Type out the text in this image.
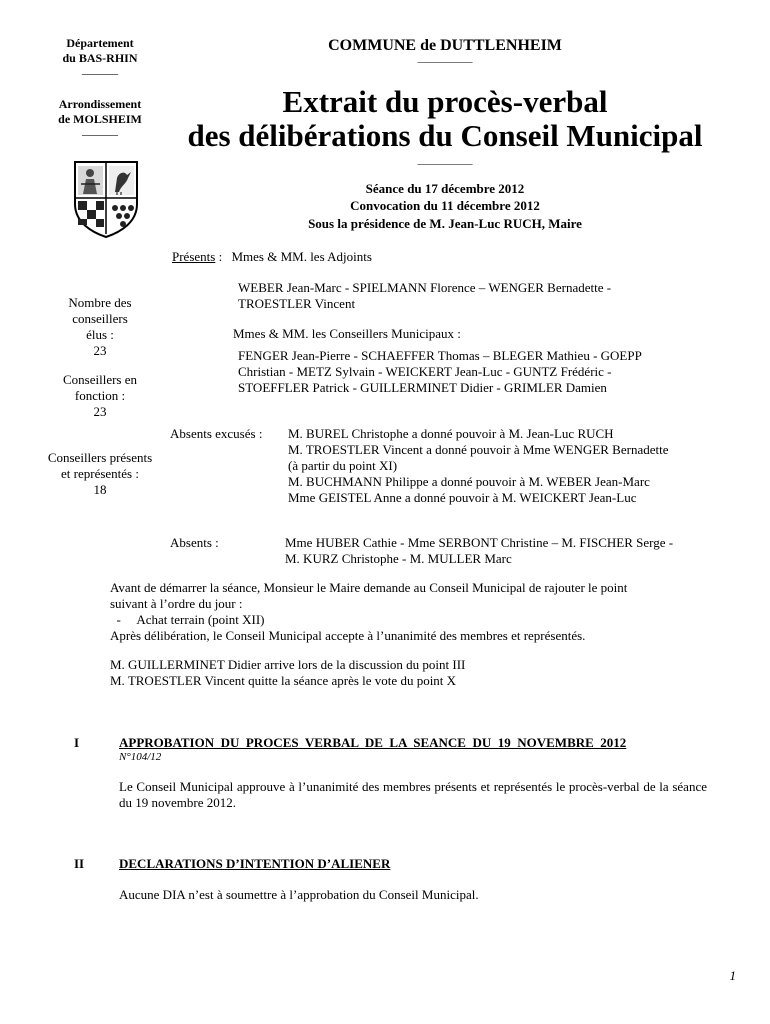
Département
du BAS-RHIN
———
Arrondissement
de MOLSHEIM
———
COMMUNE de DUTTLENHEIM
—————
Extrait du procès-verbal
des délibérations du Conseil Municipal
—————
Séance du 17 décembre 2012
Convocation du 11 décembre 2012
Sous la présidence de M. Jean-Luc RUCH, Maire
Nombre des
conseillers
élus :
23
Conseillers en
fonction :
23
Conseillers présents
et représentés :
18
Présents : Mmes & MM. les Adjoints
WEBER Jean-Marc - SPIELMANN Florence – WENGER Bernadette -
TROESTLER Vincent
Mmes & MM. les Conseillers Municipaux :
FENGER Jean-Pierre - SCHAEFFER Thomas – BLEGER Mathieu - GOEPP
Christian - METZ Sylvain - WEICKERT Jean-Luc - GUNTZ Frédéric -
STOEFFLER Patrick - GUILLERMINET Didier - GRIMLER Damien
Absents excusés :	M. BUREL Christophe a donné pouvoir à M. Jean-Luc RUCH
M. TROESTLER Vincent a donné pouvoir à Mme WENGER Bernadette
(à partir du point XI)
M. BUCHMANN Philippe a donné pouvoir à M. WEBER Jean-Marc
Mme GEISTEL Anne a donné pouvoir à M. WEICKERT Jean-Luc
Absents :	Mme HUBER Cathie - Mme SERBONT Christine – M. FISCHER Serge -
M. KURZ Christophe - M. MULLER Marc
Avant de démarrer la séance, Monsieur le Maire demande au Conseil Municipal de rajouter le point
suivant à l’ordre du jour :
-     Achat terrain (point XII)
Après délibération, le Conseil Municipal accepte à l’unanimité des membres et représentés.
M. GUILLERMINET Didier arrive lors de la discussion du point III
M. TROESTLER Vincent quitte la séance après le vote du point X
I	APPROBATION  DU  PROCES  VERBAL  DE  LA  SEANCE  DU  19  NOVEMBRE  2012
N°104/12
Le Conseil Municipal approuve à l’unanimité des membres présents et représentés le procès-verbal de la séance du 19 novembre 2012.
II	DECLARATIONS D’INTENTION D’ALIENER
Aucune DIA n’est à soumettre à l’approbation du Conseil Municipal.
1
